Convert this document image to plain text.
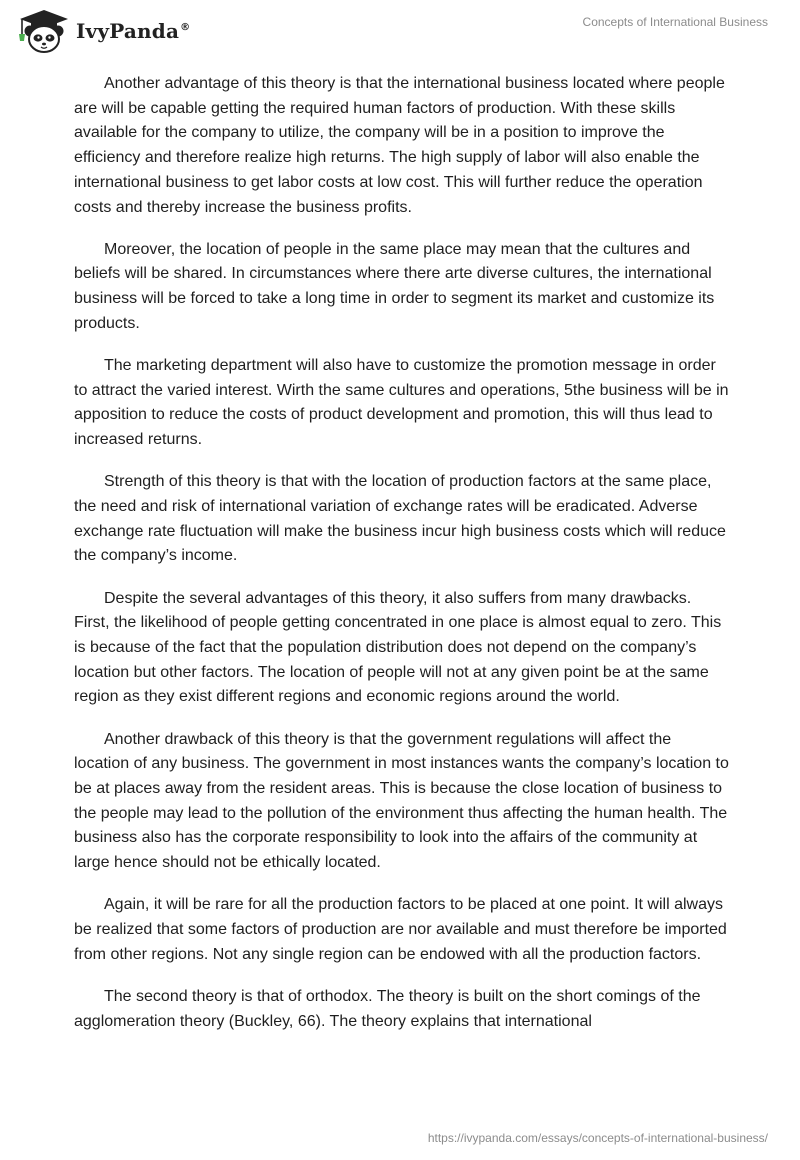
IvyPanda®	Concepts of International Business

Another advantage of this theory is that the international business located where people are will be capable getting the required human factors of production. With these skills available for the company to utilize, the company will be in a position to improve the efficiency and therefore realize high returns. The high supply of labor will also enable the international business to get labor costs at low cost. This will further reduce the operation costs and thereby increase the business profits.

Moreover, the location of people in the same place may mean that the cultures and beliefs will be shared. In circumstances where there arte diverse cultures, the international business will be forced to take a long time in order to segment its market and customize its products.

The marketing department will also have to customize the promotion message in order to attract the varied interest. Wirth the same cultures and operations, 5the business will be in apposition to reduce the costs of product development and promotion, this will thus lead to increased returns.

Strength of this theory is that with the location of production factors at the same place, the need and risk of international variation of exchange rates will be eradicated. Adverse exchange rate fluctuation will make the business incur high business costs which will reduce the company’s income.

Despite the several advantages of this theory, it also suffers from many drawbacks. First, the likelihood of people getting concentrated in one place is almost equal to zero. This is because of the fact that the population distribution does not depend on the company’s location but other factors. The location of people will not at any given point be at the same region as they exist different regions and economic regions around the world.

Another drawback of this theory is that the government regulations will affect the location of any business. The government in most instances wants the company’s location to be at places away from the resident areas. This is because the close location of business to the people may lead to the pollution of the environment thus affecting the human health. The business also has the corporate responsibility to look into the affairs of the community at large hence should not be ethically located.

Again, it will be rare for all the production factors to be placed at one point. It will always be realized that some factors of production are nor available and must therefore be imported from other regions. Not any single region can be endowed with all the production factors.

The second theory is that of orthodox. The theory is built on the short comings of the agglomeration theory (Buckley, 66). The theory explains that international

https://ivypanda.com/essays/concepts-of-international-business/
